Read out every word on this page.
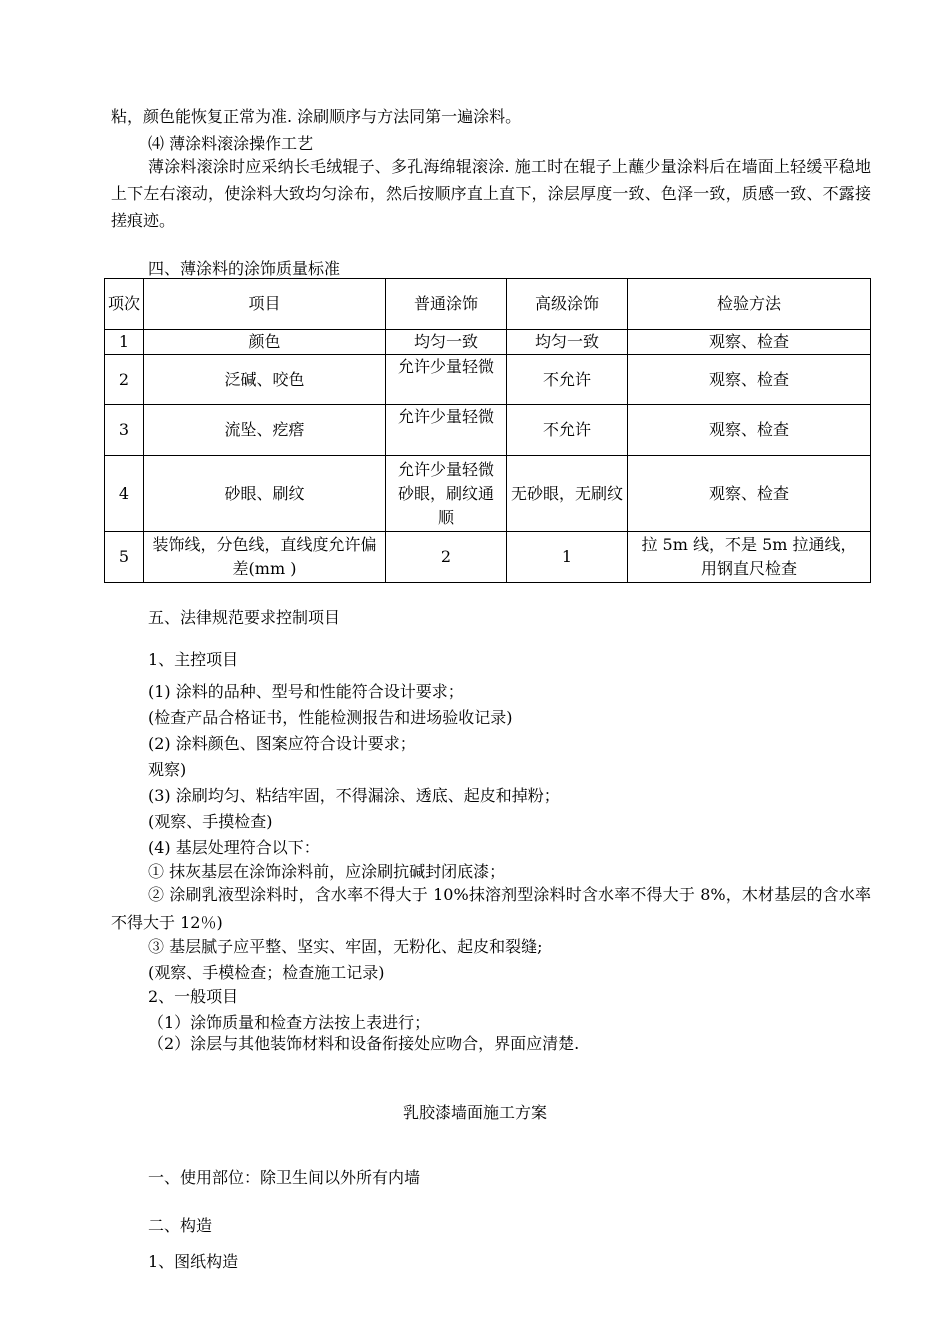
粘，颜色能恢复正常为准. 涂刷顺序与方法同第一遍涂料。
⑷ 薄涂料滚涂操作工艺
薄涂料滚涂时应采纳长毛绒辊子、多孔海绵辊滚涂. 施工时在辊子上蘸少量涂料后在墙面上轻缓平稳地上下左右滚动，使涂料大致均匀涂布，然后按顺序直上直下，涂层厚度一致、色泽一致，质感一致、不露接搓痕迹。
四、薄涂料的涂饰质量标准
项次	项目	普通涂饰	高级涂饰	检验方法
1	颜色	均匀一致	均匀一致	观察、检查
2	泛碱、咬色	允许少量轻微	不允许	观察、检查
3	流坠、疙瘩	允许少量轻微	不允许	观察、检查
4	砂眼、刷纹	允许少量轻微砂眼，刷纹通顺	无砂眼，无刷纹	观察、检查
5	装饰线，分色线，直线度允许偏差(mm )	2	1	拉 5m 线，不是 5m 拉通线，用钢直尺检查
五、法律规范要求控制项目
1、主控项目
(1) 涂料的品种、型号和性能符合设计要求；
(检查产品合格证书，性能检测报告和进场验收记录)
(2) 涂料颜色、图案应符合设计要求；
观察)
(3) 涂刷均匀、粘结牢固，不得漏涂、透底、起皮和掉粉；
(观察、手摸检查)
(4) 基层处理符合以下：
① 抹灰基层在涂饰涂料前，应涂刷抗碱封闭底漆；
② 涂刷乳液型涂料时，含水率不得大于 10%抹溶剂型涂料时含水率不得大于 8%，木材基层的含水率不得大于 12％)
③ 基层腻子应平整、坚实、牢固，无粉化、起皮和裂缝;
(观察、手模检查；检查施工记录)
2、一般项目
（1）涂饰质量和检查方法按上表进行；
（2）涂层与其他装饰材料和设备衔接处应吻合，界面应清楚.
乳胶漆墙面施工方案
一、使用部位：除卫生间以外所有内墙
二、构造
1、图纸构造
